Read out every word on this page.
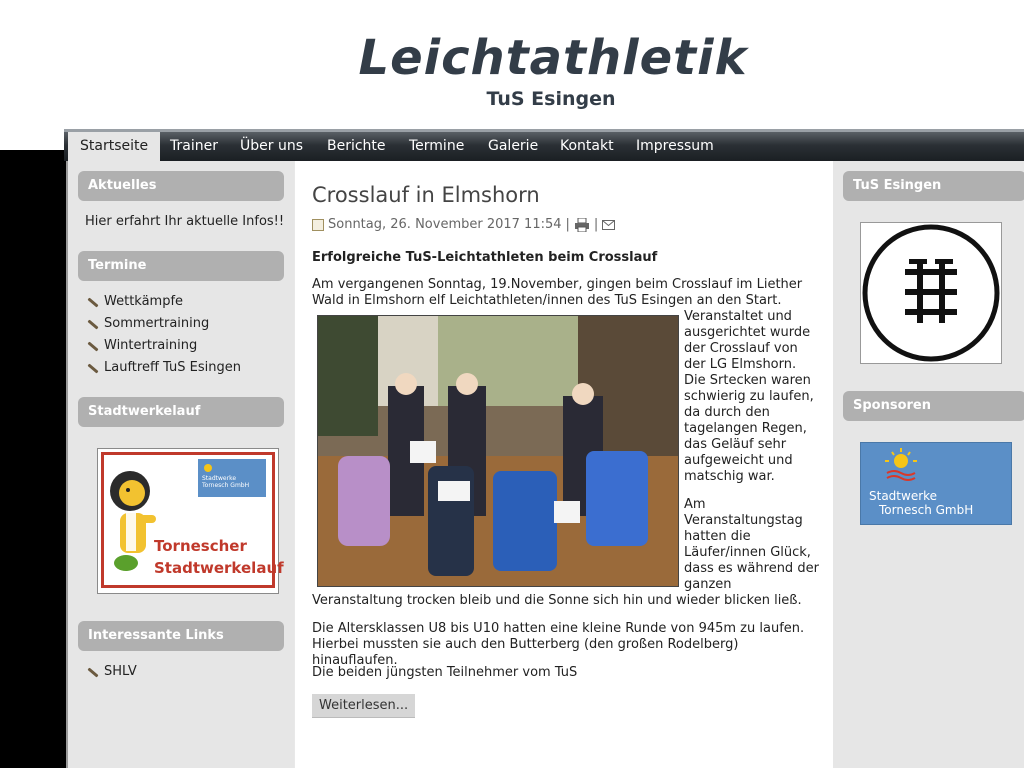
Leichtathletik
TuS Esingen
Startseite	Trainer	Über uns	Berichte	Termine	Galerie	Kontakt	Impressum
Aktuelles
Hier erfahrt Ihr aktuelle Infos!!
Termine
Wettkämpfe
Sommertraining
Wintertraining
Lauftreff TuS Esingen
Stadtwerkelauf
Stadtwerke
Tornesch GmbH
Tornescher
Stadtwerkelauf
Interessante Links
SHLV
Crosslauf in Elmshorn
Sonntag, 26. November 2017 11:54 | |
Erfolgreiche TuS-Leichtathleten beim Crosslauf
Am vergangenen Sonntag, 19.November, gingen beim Crosslauf im Liether
Wald in Elmshorn elf Leichtathleten/innen des TuS Esingen an den Start.
Veranstaltet und
ausgerichtet wurde
der Crosslauf von
der LG Elmshorn.
Die Srtecken waren
schwierig zu laufen,
da durch den
tagelangen Regen,
das Geläuf sehr
aufgeweicht und
matschig war.
Am
Veranstaltungstag
hatten die
Läufer/innen Glück,
dass es während der
ganzen
Veranstaltung trocken bleib und die Sonne sich hin und wieder blicken ließ.
Die Altersklassen U8 bis U10 hatten eine kleine Runde von 945m zu laufen.
Hierbei mussten sie auch den Butterberg (den großen Rodelberg) hinauflaufen.
Die beiden jüngsten Teilnehmer vom TuS
Weiterlesen...
TuS Esingen
Sponsoren
Stadtwerke
Tornesch GmbH
